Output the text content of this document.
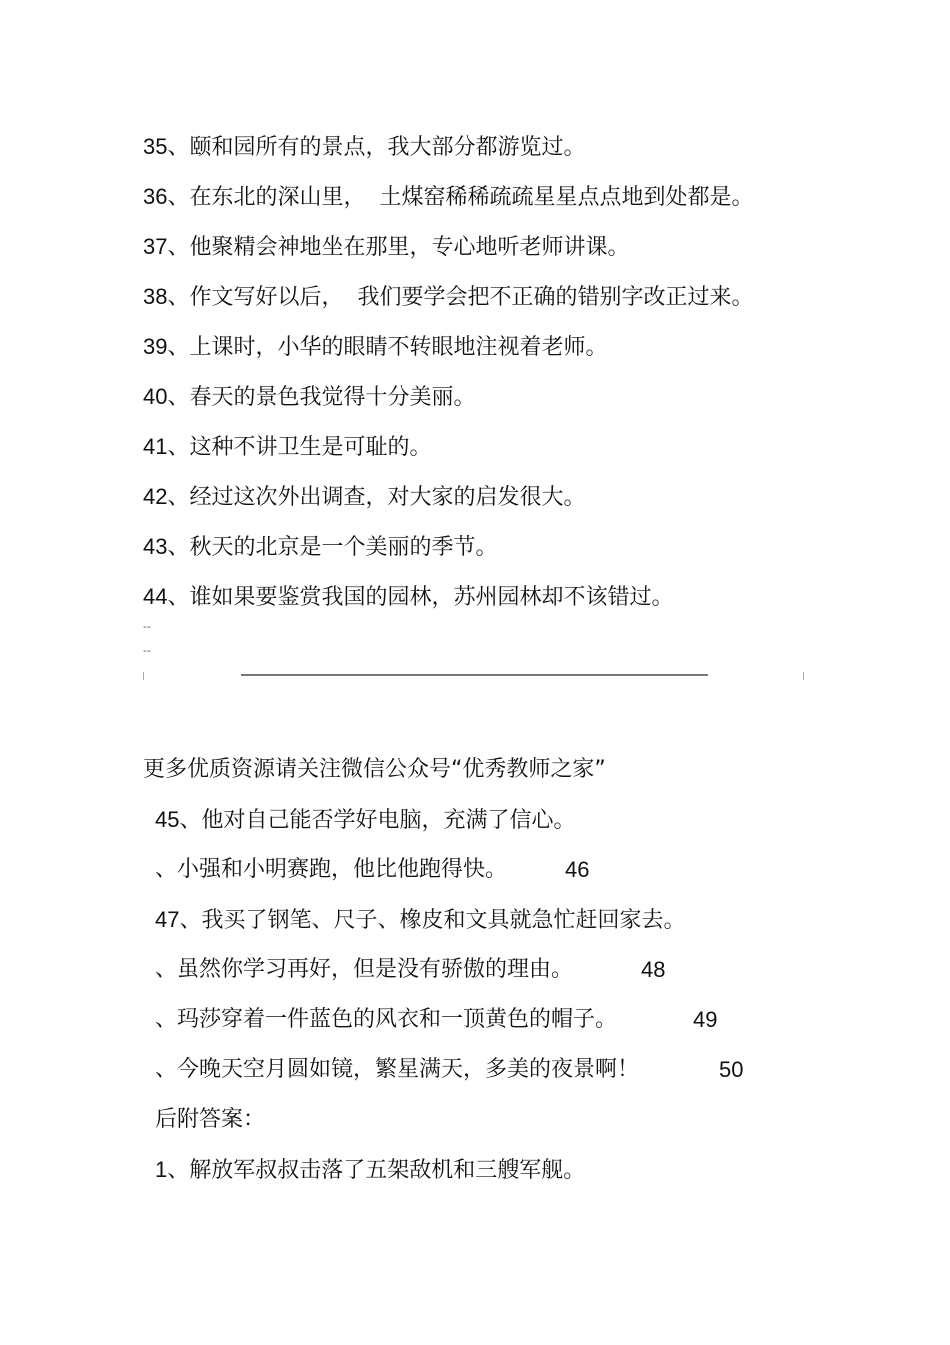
35、颐和园所有的景点，我大部分都游览过。
36、在东北的深山里，  土煤窑稀稀疏疏星星点点地到处都是。
37、他聚精会神地坐在那里，专心地听老师讲课。
38、作文写好以后，  我们要学会把不正确的错别字改正过来。
39、上课时，小华的眼睛不转眼地注视着老师。
40、春天的景色我觉得十分美丽。
41、这种不讲卫生是可耻的。
42、经过这次外出调查，对大家的启发很大。
43、秋天的北京是一个美丽的季节。
44、谁如果要鉴赏我国的园林，苏州园林却不该错过。
--
--
更多优质资源请关注微信公众号“优秀教师之家”
45、他对自己能否学好电脑，充满了信心。
、小强和小明赛跑，他比他跑得快。	46
47、我买了钢笔、尺子、橡皮和文具就急忙赶回家去。
、虽然你学习再好，但是没有骄傲的理由。	48
、玛莎穿着一件蓝色的风衣和一顶黄色的帽子。	49
、今晚天空月圆如镜，繁星满天，多美的夜景啊！	50
后附答案：
1、解放军叔叔击落了五架敌机和三艘军舰。
